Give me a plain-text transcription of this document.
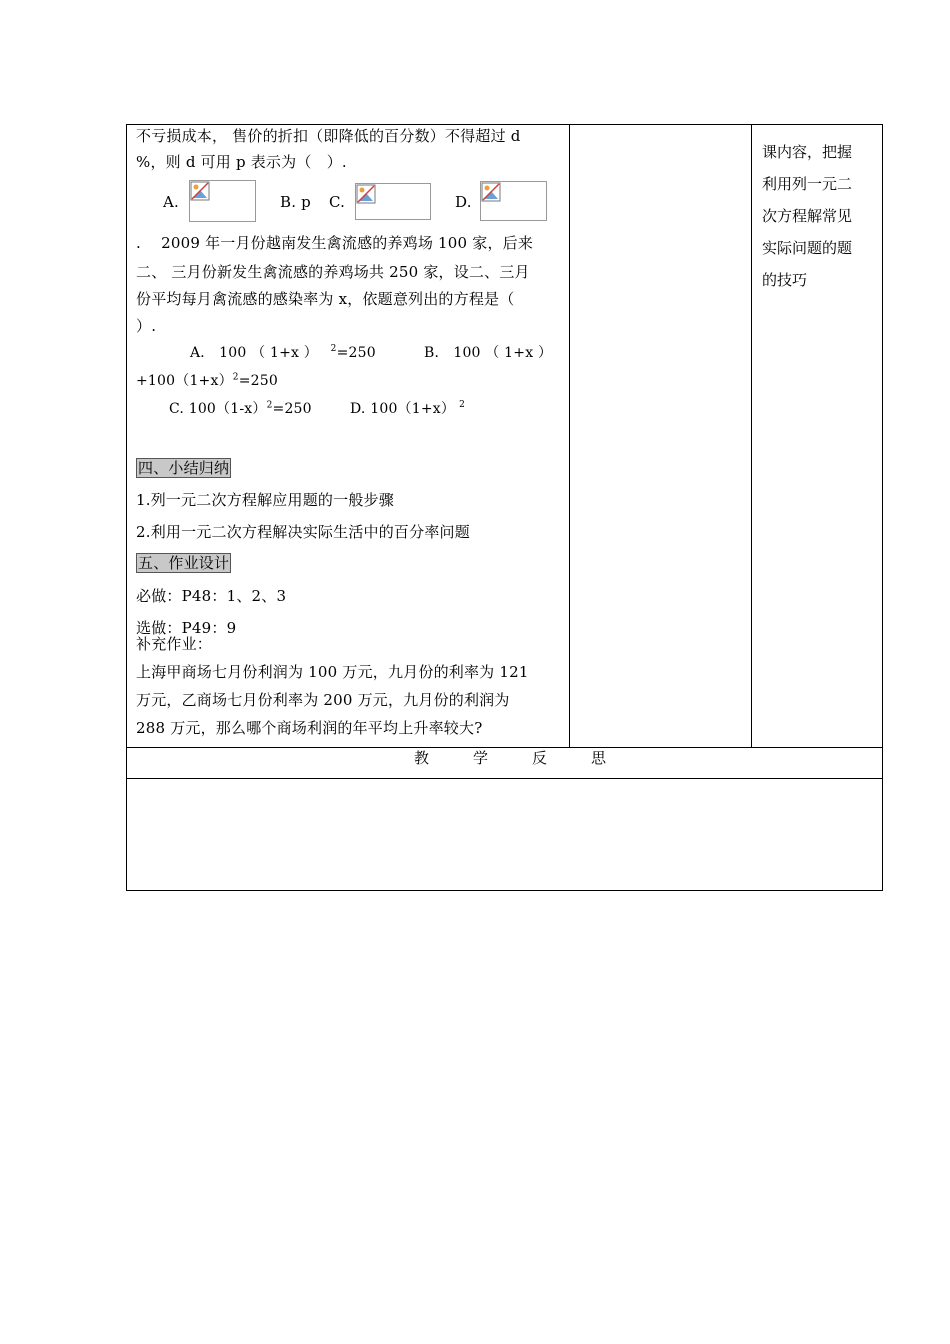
不亏损成本， 售价的折扣（即降低的百分数）不得超过 d
%，则 d 可用 p 表示为（　）.
A.	B. p C.	D.
. 　2009 年一月份越南发生禽流感的养鸡场 100 家，后来
二、 三月份新发生禽流感的养鸡场共 250 家，设二、三月
份平均每月禽流感的感染率为 x，依题意列出的方程是（
）.
A． 100 （ 1+x ） $^2$=250	B． 100 （ 1+x ）
$+100(1+x)^2=250$
C. $100(1-x)^2=250$	D. 100（1+x） $^2$
四、小结归纳
1.列一元二次方程解应用题的一般步骤
2.利用一元二次方程解决实际生活中的百分率问题
五、作业设计
必做：P48：1、2、3
选做：P49：9
补充作业：
上海甲商场七月份利润为 100 万元，九月份的利率为 121
万元，乙商场七月份利率为 200 万元，九月份的利润为
288 万元，那么哪个商场利润的年平均上升率较大?
课内容，把握
利用列一元二
次方程解常见
实际问题的题
的技巧
教	学	反	思
